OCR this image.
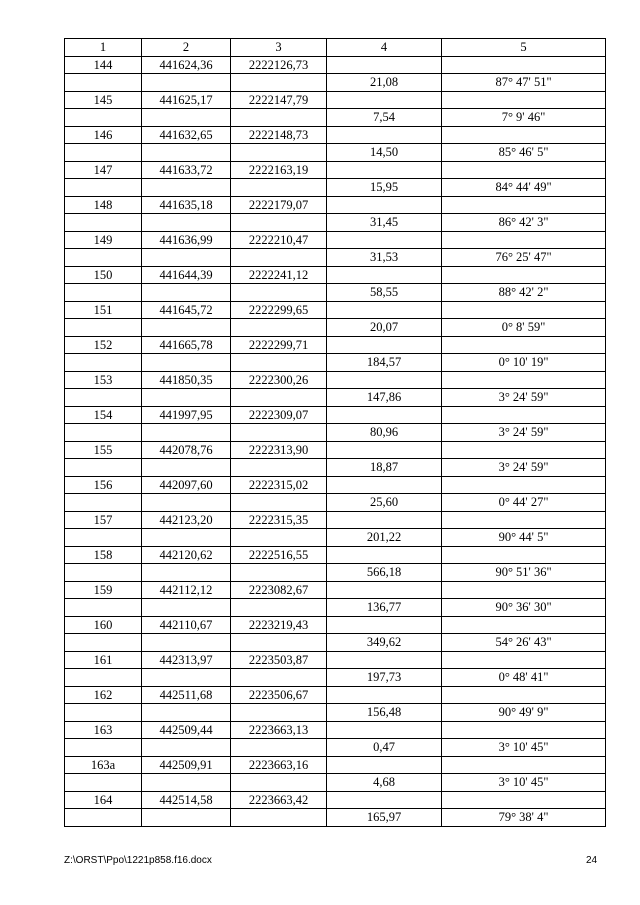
1	2	3	4	5
144	441624,36	2222126,73		
			21,08	87° 47' 51"
145	441625,17	2222147,79		
			7,54	7° 9' 46"
146	441632,65	2222148,73		
			14,50	85° 46' 5"
147	441633,72	2222163,19		
			15,95	84° 44' 49"
148	441635,18	2222179,07		
			31,45	86° 42' 3"
149	441636,99	2222210,47		
			31,53	76° 25' 47"
150	441644,39	2222241,12		
			58,55	88° 42' 2"
151	441645,72	2222299,65		
			20,07	0° 8' 59"
152	441665,78	2222299,71		
			184,57	0° 10' 19"
153	441850,35	2222300,26		
			147,86	3° 24' 59"
154	441997,95	2222309,07		
			80,96	3° 24' 59"
155	442078,76	2222313,90		
			18,87	3° 24' 59"
156	442097,60	2222315,02		
			25,60	0° 44' 27"
157	442123,20	2222315,35		
			201,22	90° 44' 5"
158	442120,62	2222516,55		
			566,18	90° 51' 36"
159	442112,12	2223082,67		
			136,77	90° 36' 30"
160	442110,67	2223219,43		
			349,62	54° 26' 43"
161	442313,97	2223503,87		
			197,73	0° 48' 41"
162	442511,68	2223506,67		
			156,48	90° 49' 9"
163	442509,44	2223663,13		
			0,47	3° 10' 45"
163a	442509,91	2223663,16		
			4,68	3° 10' 45"
164	442514,58	2223663,42		
			165,97	79° 38' 4"
Z:\ORST\Ppo\1221p858.f16.docx	24
